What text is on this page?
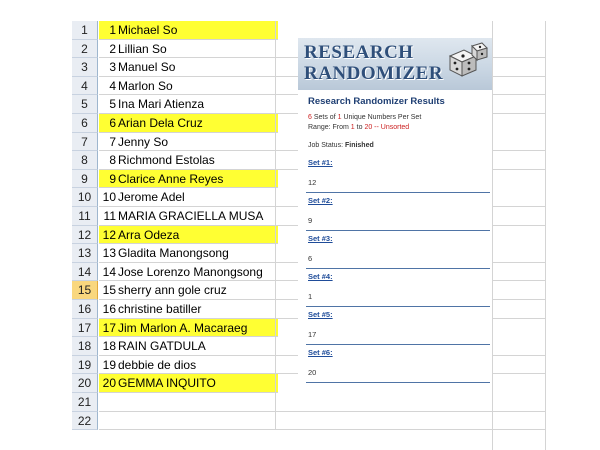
1	1 Michael So
2	2 Lillian So
3	3 Manuel So
4	4 Marlon So
5	5 Ina Mari Atienza
6	6 Arian Dela Cruz
7	7 Jenny So
8	8 Richmond Estolas
9	9 Clarice Anne Reyes
10 10 Jerome Adel
11	11 MARIA GRACIELLA MUSA
12 12 Arra Odeza
13 13 Gladita Manongsong
14 14 Jose Lorenzo Manongsong
15 15 sherry ann gole cruz
16 16 christine batiller
17 17 Jim Marlon A. Macaraeg
18 18 RAIN GATDULA
19 19 debbie de dios
20 20 GEMMA INQUITO
21
22
RESEARCH
RANDOMIZER
Research Randomizer Results
6 Sets of 1 Unique Numbers Per Set
Range: From 1 to 20 -- Unsorted
Job Status: Finished
Set #1:
12
Set #2:
9
Set #3:
6
Set #4:
1
Set #5:
17
Set #6:
20
